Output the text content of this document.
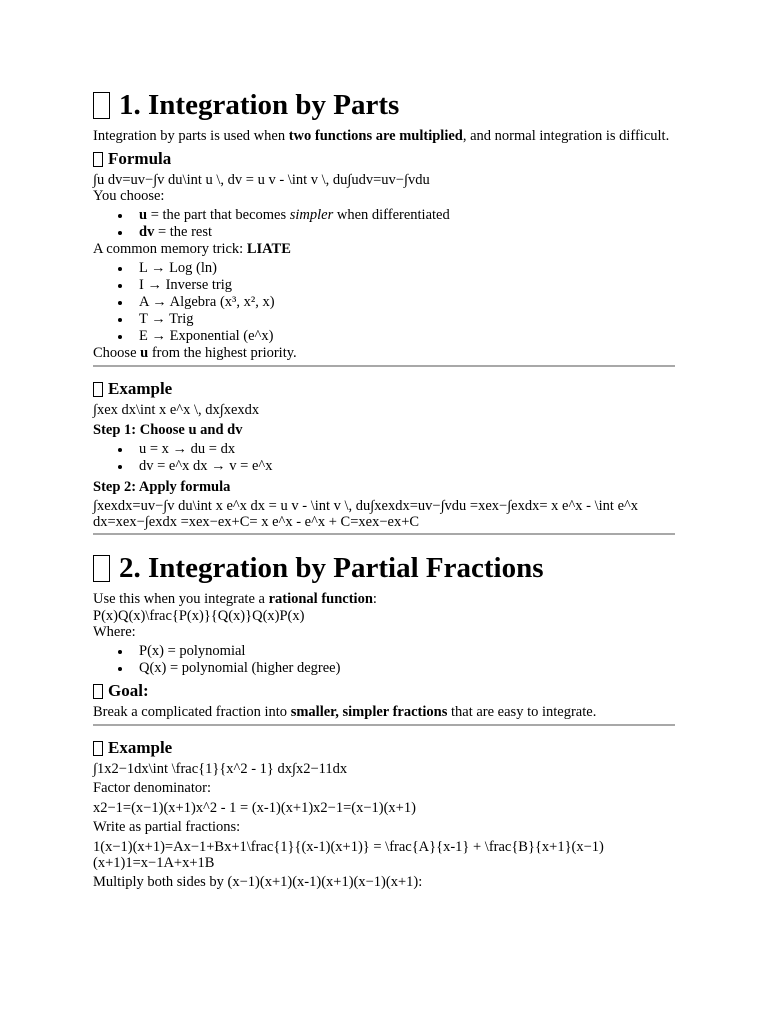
1. Integration by Parts

Integration by parts is used when two functions are multiplied, and normal integration is difficult.

Formula

∫u dv=uv−∫v du\int u \, dv = u v - \int v \, du∫udv=uv−∫vdu

You choose:

u = the part that becomes simpler when differentiated
dv = the rest

A common memory trick: LIATE

L → Log (ln)
I → Inverse trig
A → Algebra (x³, x², x)
T → Trig
E → Exponential (e^x)

Choose u from the highest priority.

Example

∫xex dx\int x e^x \, dx∫xexdx

Step 1: Choose u and dv
u = x → du = dx
dv = e^x dx → v = e^x
Step 2: Apply formula

∫xexdx=uv−∫v du\int x e^x dx = u v - \int v \, du∫xexdx=uv−∫vdu =xex−∫exdx= x e^x - \int e^x

dx=xex−∫exdx =xex−ex+C= x e^x - e^x + C=xex−ex+C

2. Integration by Partial Fractions

Use this when you integrate a rational function:

P(x)Q(x)\frac{P(x)}{Q(x)}Q(x)P(x)

Where:

P(x) = polynomial
Q(x) = polynomial (higher degree)
Goal:

Break a complicated fraction into smaller, simpler fractions that are easy to integrate.

Example

∫1x2−1dx\int \frac{1}{x^2 - 1} dx∫x2−11dx

Factor denominator:

x2−1=(x−1)(x+1)x^2 - 1 = (x-1)(x+1)x2−1=(x−1)(x+1)

Write as partial fractions:

1(x−1)(x+1)=Ax−1+Bx+1\frac{1}{(x-1)(x+1)} = \frac{A}{x-1} + \frac{B}{x+1}(x−1)

(x+1)1=x−1A+x+1B

Multiply both sides by (x−1)(x+1)(x-1)(x+1)(x−1)(x+1):
